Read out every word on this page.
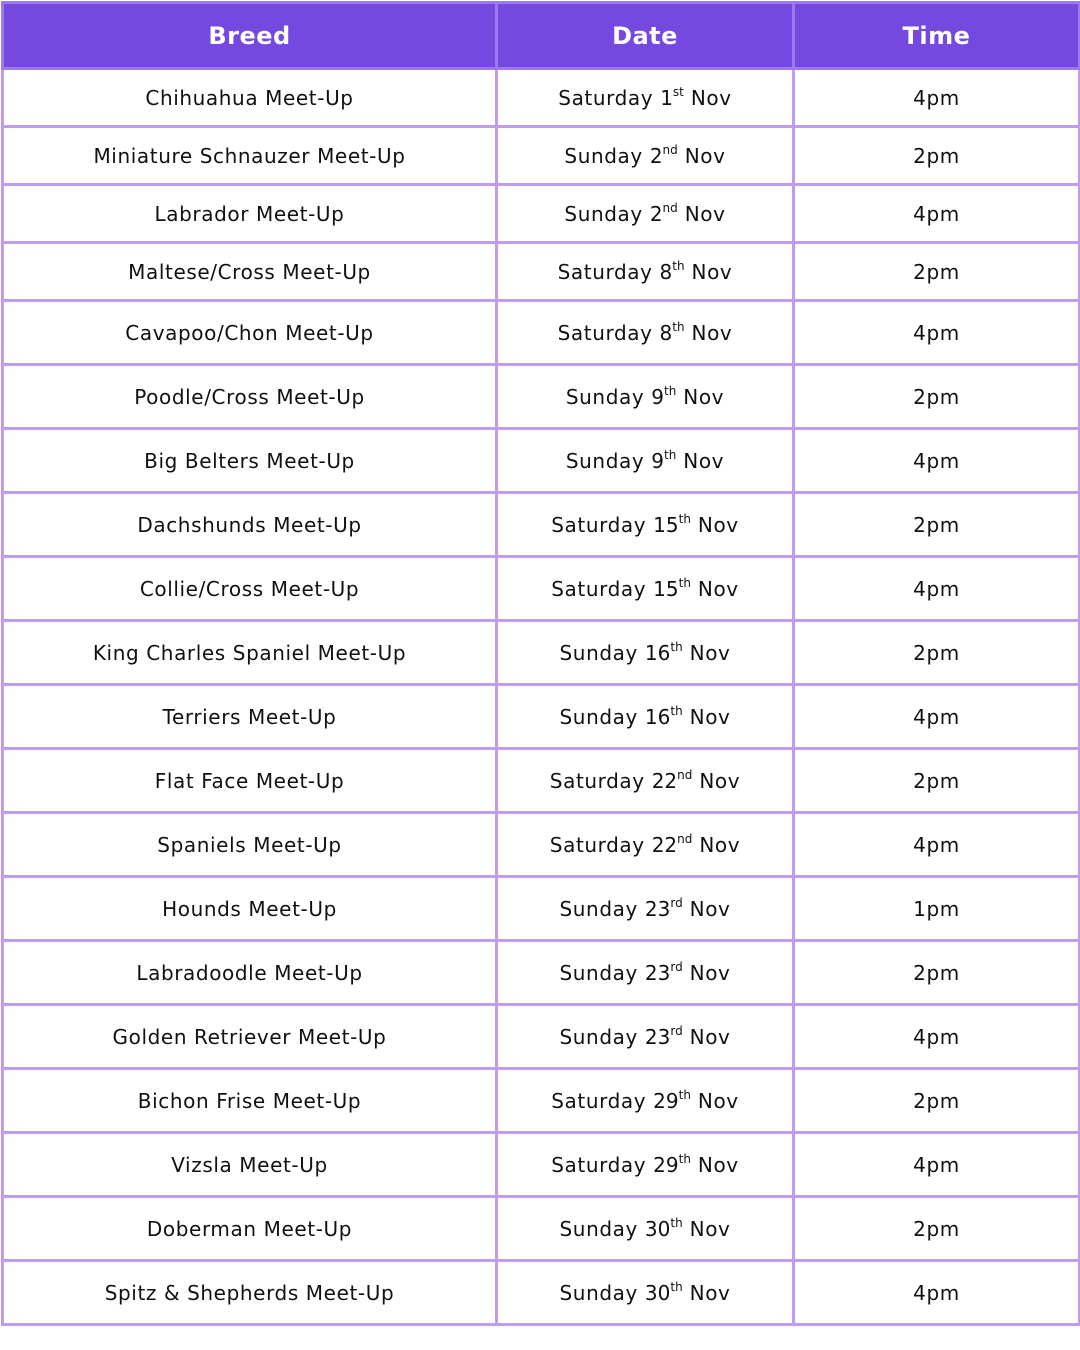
Breed	Date	Time
Chihuahua Meet-Up	Saturday 1st Nov	4pm
Miniature Schnauzer Meet-Up	Sunday 2nd Nov	2pm
Labrador Meet-Up	Sunday 2nd Nov	4pm
Maltese/Cross Meet-Up	Saturday 8th Nov	2pm
Cavapoo/Chon Meet-Up	Saturday 8th Nov	4pm
Poodle/Cross Meet-Up	Sunday 9th Nov	2pm
Big Belters Meet-Up	Sunday 9th Nov	4pm
Dachshunds Meet-Up	Saturday 15th Nov	2pm
Collie/Cross Meet-Up	Saturday 15th Nov	4pm
King Charles Spaniel Meet-Up	Sunday 16th Nov	2pm
Terriers Meet-Up	Sunday 16th Nov	4pm
Flat Face Meet-Up	Saturday 22nd Nov	2pm
Spaniels Meet-Up	Saturday 22nd Nov	4pm
Hounds Meet-Up	Sunday 23rd Nov	1pm
Labradoodle Meet-Up	Sunday 23rd Nov	2pm
Golden Retriever Meet-Up	Sunday 23rd Nov	4pm
Bichon Frise Meet-Up	Saturday 29th Nov	2pm
Vizsla Meet-Up	Saturday 29th Nov	4pm
Doberman Meet-Up	Sunday 30th Nov	2pm
Spitz & Shepherds Meet-Up	Sunday 30th Nov	4pm
